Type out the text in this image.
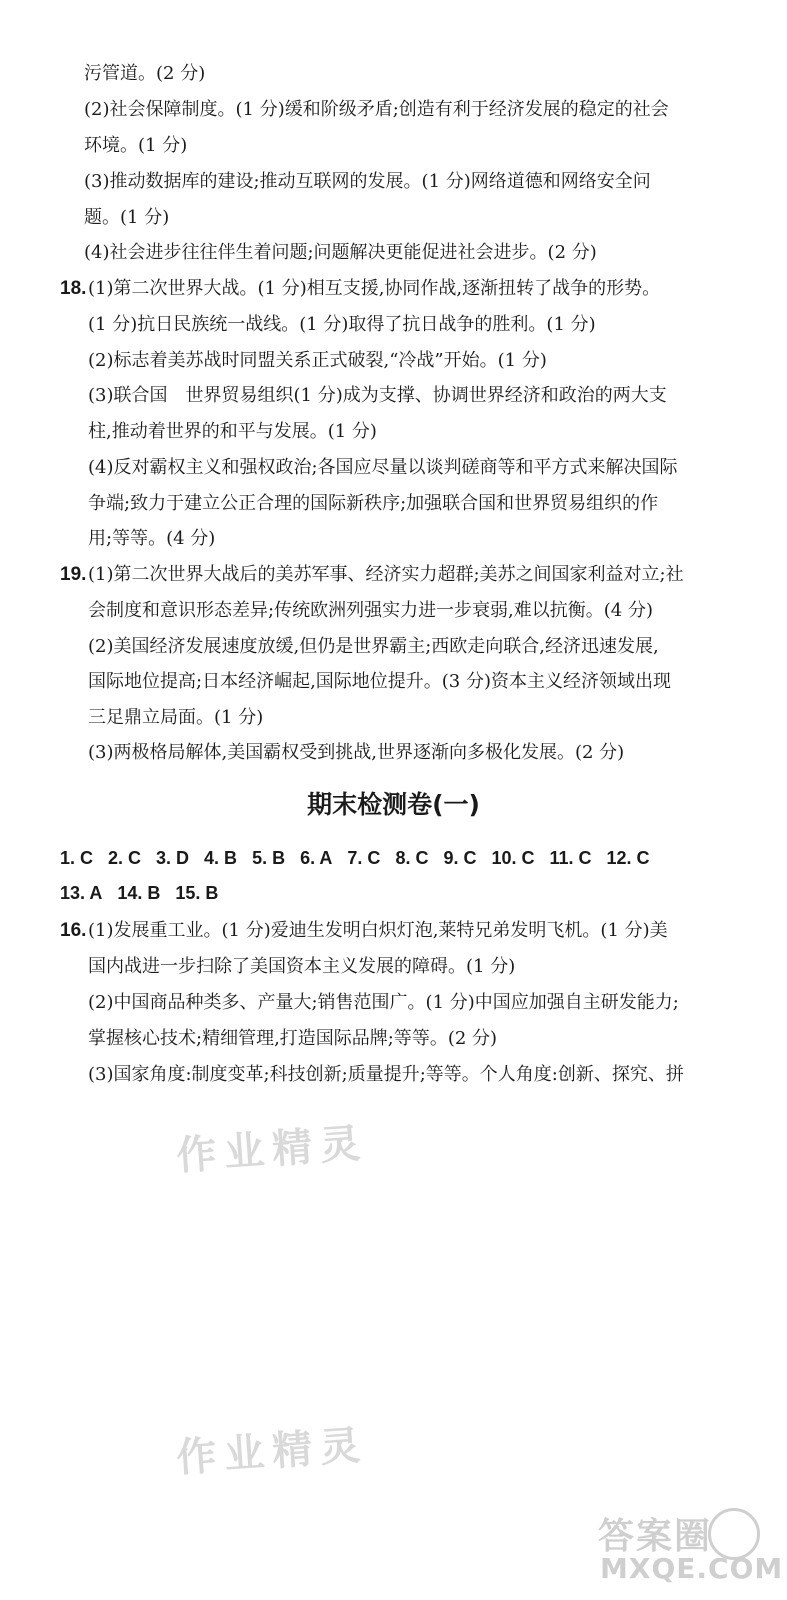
污管道。(2 分)
(2)社会保障制度。(1 分)缓和阶级矛盾;创造有利于经济发展的稳定的社会
环境。(1 分)
(3)推动数据库的建设;推动互联网的发展。(1 分)网络道德和网络安全问
题。(1 分)
(4)社会进步往往伴生着问题;问题解决更能促进社会进步。(2 分)
18. (1)第二次世界大战。(1 分)相互支援,协同作战,逐渐扭转了战争的形势。
(1 分)抗日民族统一战线。(1 分)取得了抗日战争的胜利。(1 分)
(2)标志着美苏战时同盟关系正式破裂,“冷战”开始。(1 分)
(3)联合国　世界贸易组织(1 分)成为支撑、协调世界经济和政治的两大支
柱,推动着世界的和平与发展。(1 分)
(4)反对霸权主义和强权政治;各国应尽量以谈判磋商等和平方式来解决国际
争端;致力于建立公正合理的国际新秩序;加强联合国和世界贸易组织的作
用;等等。(4 分)
19. (1)第二次世界大战后的美苏军事、经济实力超群;美苏之间国家利益对立;社
会制度和意识形态差异;传统欧洲列强实力进一步衰弱,难以抗衡。(4 分)
(2)美国经济发展速度放缓,但仍是世界霸主;西欧走向联合,经济迅速发展,
国际地位提高;日本经济崛起,国际地位提升。(3 分)资本主义经济领域出现
三足鼎立局面。(1 分)
(3)两极格局解体,美国霸权受到挑战,世界逐渐向多极化发展。(2 分)
期末检测卷(一)
1. C 2. C 3. D 4. B 5. B 6. A 7. C 8. C 9. C 10. C 11. C 12. C
13. A 14. B 15. B
16. (1)发展重工业。(1 分)爱迪生发明白炽灯泡,莱特兄弟发明飞机。(1 分)美
国内战进一步扫除了美国资本主义发展的障碍。(1 分)
(2)中国商品种类多、产量大;销售范围广。(1 分)中国应加强自主研发能力;
掌握核心技术;精细管理,打造国际品牌;等等。(2 分)
(3)国家角度:制度变革;科技创新;质量提升;等等。个人角度:创新、探究、拼
作业精灵
作业精灵
答案圈
MXQE.COM
